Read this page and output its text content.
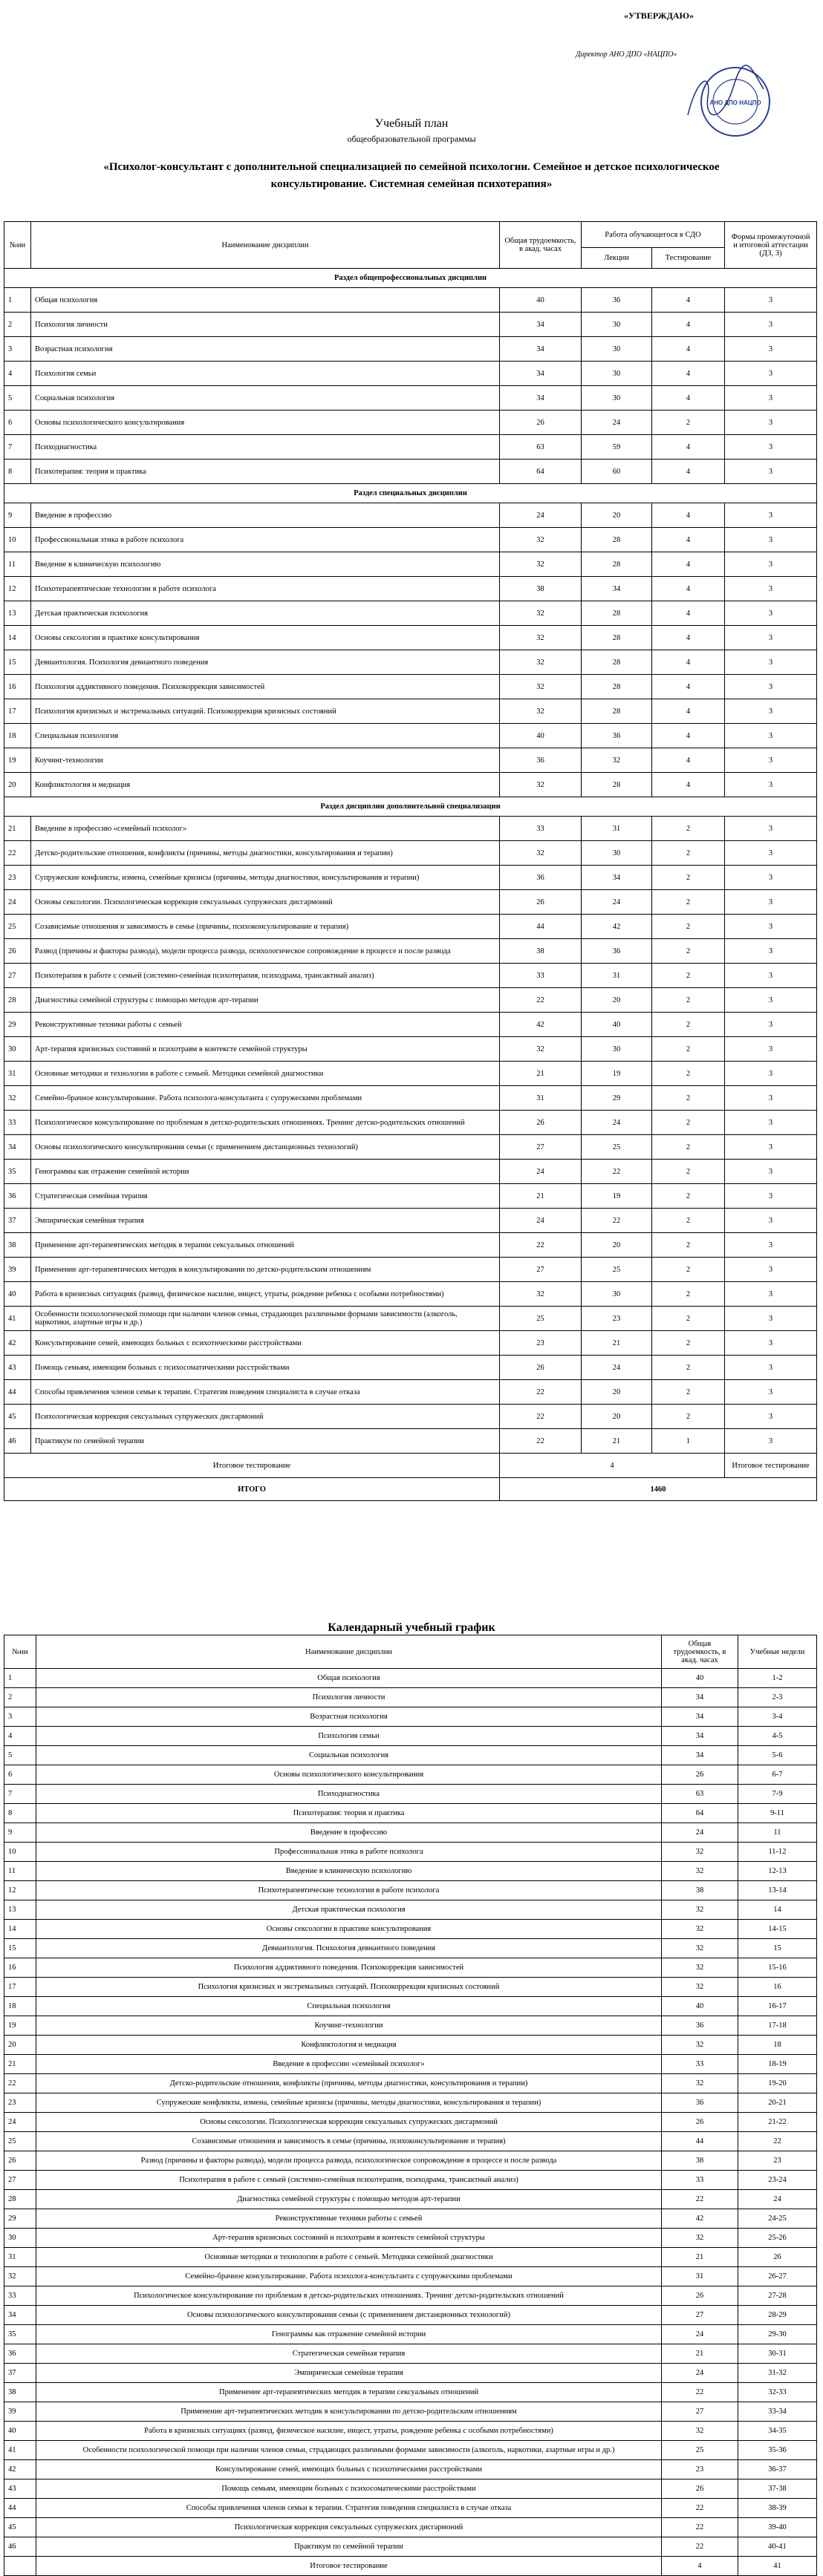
«УТВЕРЖДАЮ»
Директор АНО ДПО «НАЦПО»
АНО ДПО НАЦПО
Учебный план
общеобразовательной программы
«Психолог-консультант с дополнительной специализацией по семейной психологии. Семейное и детское психологическое консультирование. Системная семейная психотерапия»
№нн	Наименование дисциплин	Общая трудоемкость, в акад. часах	Работа обучающегося в СДО		Формы промежуточной и итоговой аттестации (ДЗ, З)
			Лекции	Тестирование	
Раздел общепрофессиональных дисциплин					
1	Общая психология	40	36	4	3
2	Психология личности	34	30	4	3
3	Возрастная психология	34	30	4	3
4	Психология семьи	34	30	4	3
5	Социальная психология	34	30	4	3
6	Основы психологического консультирования	26	24	2	3
7	Психодиагностика	63	59	4	3
8	Психотерапия: теория и практика	64	60	4	3
Раздел специальных дисциплин					
9	Введение в профессию	24	20	4	3
10	Профессиональная этика в работе психолога	32	28	4	3
11	Введение в клиническую психологию	32	28	4	3
12	Психотерапевтические технологии в работе психолога	38	34	4	3
13	Детская практическая психология	32	28	4	3
14	Основы сексологии в практике консультирования	32	28	4	3
15	Девиантология. Психология девиантного поведения	32	28	4	3
16	Психология аддиктивного поведения. Психокоррекция зависимостей	32	28	4	3
17	Психология кризисных и экстремальных ситуаций. Психокоррекция кризисных состояний	32	28	4	3
18	Специальная психология	40	36	4	3
19	Коучинг-технологии	36	32	4	3
20	Конфликтология и медиация	32	28	4	3
Раздел дисциплин дополнительной специализации					
21	Введение в профессию «семейный психолог»	33	31	2	3
22	Детско-родительские отношения, конфликты (причины, методы диагностики, консультирования и терапии)	32	30	2	3
23	Супружеские конфликты, измена, семейные кризисы (причины, методы диагностики, консультирования и терапии)	36	34	2	3
24	Основы сексологии. Психологическая коррекция сексуальных супружеских дисгармоний	26	24	2	3
25	Созависимые отношения и зависимость в семье (причины, психоконсультирование и терапия)	44	42	2	3
26	Развод (причины и факторы развода), модели процесса развода, психологическое сопровождение в процессе и после развода	38	36	2	3
27	Психотерапия в работе с семьей (системно-семейная психотерапия, психодрама, трансактный анализ)	33	31	2	3
28	Диагностика семейной структуры с помощью методов арт-терапии	22	20	2	3
29	Реконструктивные техники работы с семьей	42	40	2	3
30	Арт-терапия кризисных состояний и психотравм в контексте семейной структуры	32	30	2	3
31	Основные методики и технологии в работе с семьей. Методики семейной диагностики	21	19	2	3
32	Семейно-брачное консультирование. Работа психолога-консультанта с супружескими проблемами	31	29	2	3
33	Психологическое консультирование по проблемам в детско-родительских отношениях. Тренинг детско-родительских отношений	26	24	2	3
34	Основы психологического консультирования семьи (с применением дистанционных технологий)	27	25	2	3
35	Генограммы как отражение семейной истории	24	22	2	3
36	Стратегическая семейная терапия	21	19	2	3
37	Эмпирическая семейная терапия	24	22	2	3
38	Применение арт-терапевтических методик в терапии сексуальных отношений	22	20	2	3
39	Применение арт-терапевтических методик в консультировании по детско-родительским отношениям	27	25	2	3
40	Работа в кризисных ситуациях (развод, физическое насилие, инцест, утраты, рождение ребенка с особыми потребностями)	32	30	2	3
41	Особенности психологической помощи при наличии членов семьи, страдающих различными формами зависимости (алкоголь, наркотики, азартные игры и др.)	25	23	2	3
42	Консультирование семей, имеющих больных с психотическими расстройствами	23	21	2	3
43	Помощь семьям, имеющим больных с психосоматическими расстройствами	26	24	2	3
44	Способы привлечения членов семьи к терапии. Стратегия поведения специалиста в случае отказа	22	20	2	3
45	Психологическая коррекция сексуальных супружеских дисгармоний	22	20	2	3
46	Практикум по семейной терапии	22	21	1	3
Итоговое тестирование		4			Итоговое тестирование
ИТОГО		1460			
Календарный учебный график
№нн	Наименование дисциплин	Общая трудоемкость, в акад. часах	Учебные недели
1	Общая психология	40	1-2
2	Психология личности	34	2-3
3	Возрастная психология	34	3-4
4	Психология семьи	34	4-5
5	Социальная психология	34	5-6
6	Основы психологического консультирования	26	6-7
7	Психодиагностика	63	7-9
8	Психотерапия: теория и практика	64	9-11
9	Введение в профессию	24	11
10	Профессиональная этика в работе психолога	32	11-12
11	Введение в клиническую психологию	32	12-13
12	Психотерапевтические технологии в работе психолога	38	13-14
13	Детская практическая психология	32	14
14	Основы сексологии в практике консультирования	32	14-15
15	Девиантология. Психология девиантного поведения	32	15
16	Психология аддиктивного поведения. Психокоррекция зависимостей	32	15-16
17	Психология кризисных и экстремальных ситуаций. Психокоррекция кризисных состояний	32	16
18	Специальная психология	40	16-17
19	Коучинг-технологии	36	17-18
20	Конфликтология и медиация	32	18
21	Введение в профессию «семейный психолог»	33	18-19
22	Детско-родительские отношения, конфликты (причины, методы диагностики, консультирования и терапии)	32	19-20
23	Супружеские конфликты, измена, семейные кризисы (причины, методы диагностики, консультирования и терапии)	36	20-21
24	Основы сексологии. Психологическая коррекция сексуальных супружеских дисгармоний	26	21-22
25	Созависимые отношения и зависимость в семье (причины, психоконсультирование и терапия)	44	22
26	Развод (причины и факторы развода), модели процесса развода, психологическое сопровождение в процессе и после развода	38	23
27	Психотерапия в работе с семьей (системно-семейная психотерапия, психодрама, трансактный анализ)	33	23-24
28	Диагностика семейной структуры с помощью методов арт-терапии	22	24
29	Реконструктивные техники работы с семьей	42	24-25
30	Арт-терапия кризисных состояний и психотравм в контексте семейной структуры	32	25-26
31	Основные методики и технологии в работе с семьей. Методики семейной диагностики	21	26
32	Семейно-брачное консультирование. Работа психолога-консультанта с супружескими проблемами	31	26-27
33	Психологическое консультирование по проблемам в детско-родительских отношениях. Тренинг детско-родительских отношений	26	27-28
34	Основы психологического консультирования семьи (с применением дистанционных технологий)	27	28-29
35	Генограммы как отражение семейной истории	24	29-30
36	Стратегическая семейная терапия	21	30-31
37	Эмпирическая семейная терапия	24	31-32
38	Применение арт-терапевтических методик в терапии сексуальных отношений	22	32-33
39	Применение арт-терапевтических методик в консультировании по детско-родительским отношениям	27	33-34
40	Работа в кризисных ситуациях (развод, физическое насилие, инцест, утраты, рождение ребенка с особыми потребностями)	32	34-35
41	Особенности психологической помощи при наличии членов семьи, страдающих различными формами зависимости (алкоголь, наркотики, азартные игры и др.)	25	35-36
42	Консультирование семей, имеющих больных с психотическими расстройствами	23	36-37
43	Помощь семьям, имеющим больных с психосоматическими расстройствами	26	37-38
44	Способы привлечения членов семьи к терапии. Стратегия поведения специалиста в случае отказа	22	38-39
45	Психологическая коррекция сексуальных супружеских дисгармоний	22	39-40
46	Практикум по семейной терапии	22	40-41
	Итоговое тестирование	4	41
